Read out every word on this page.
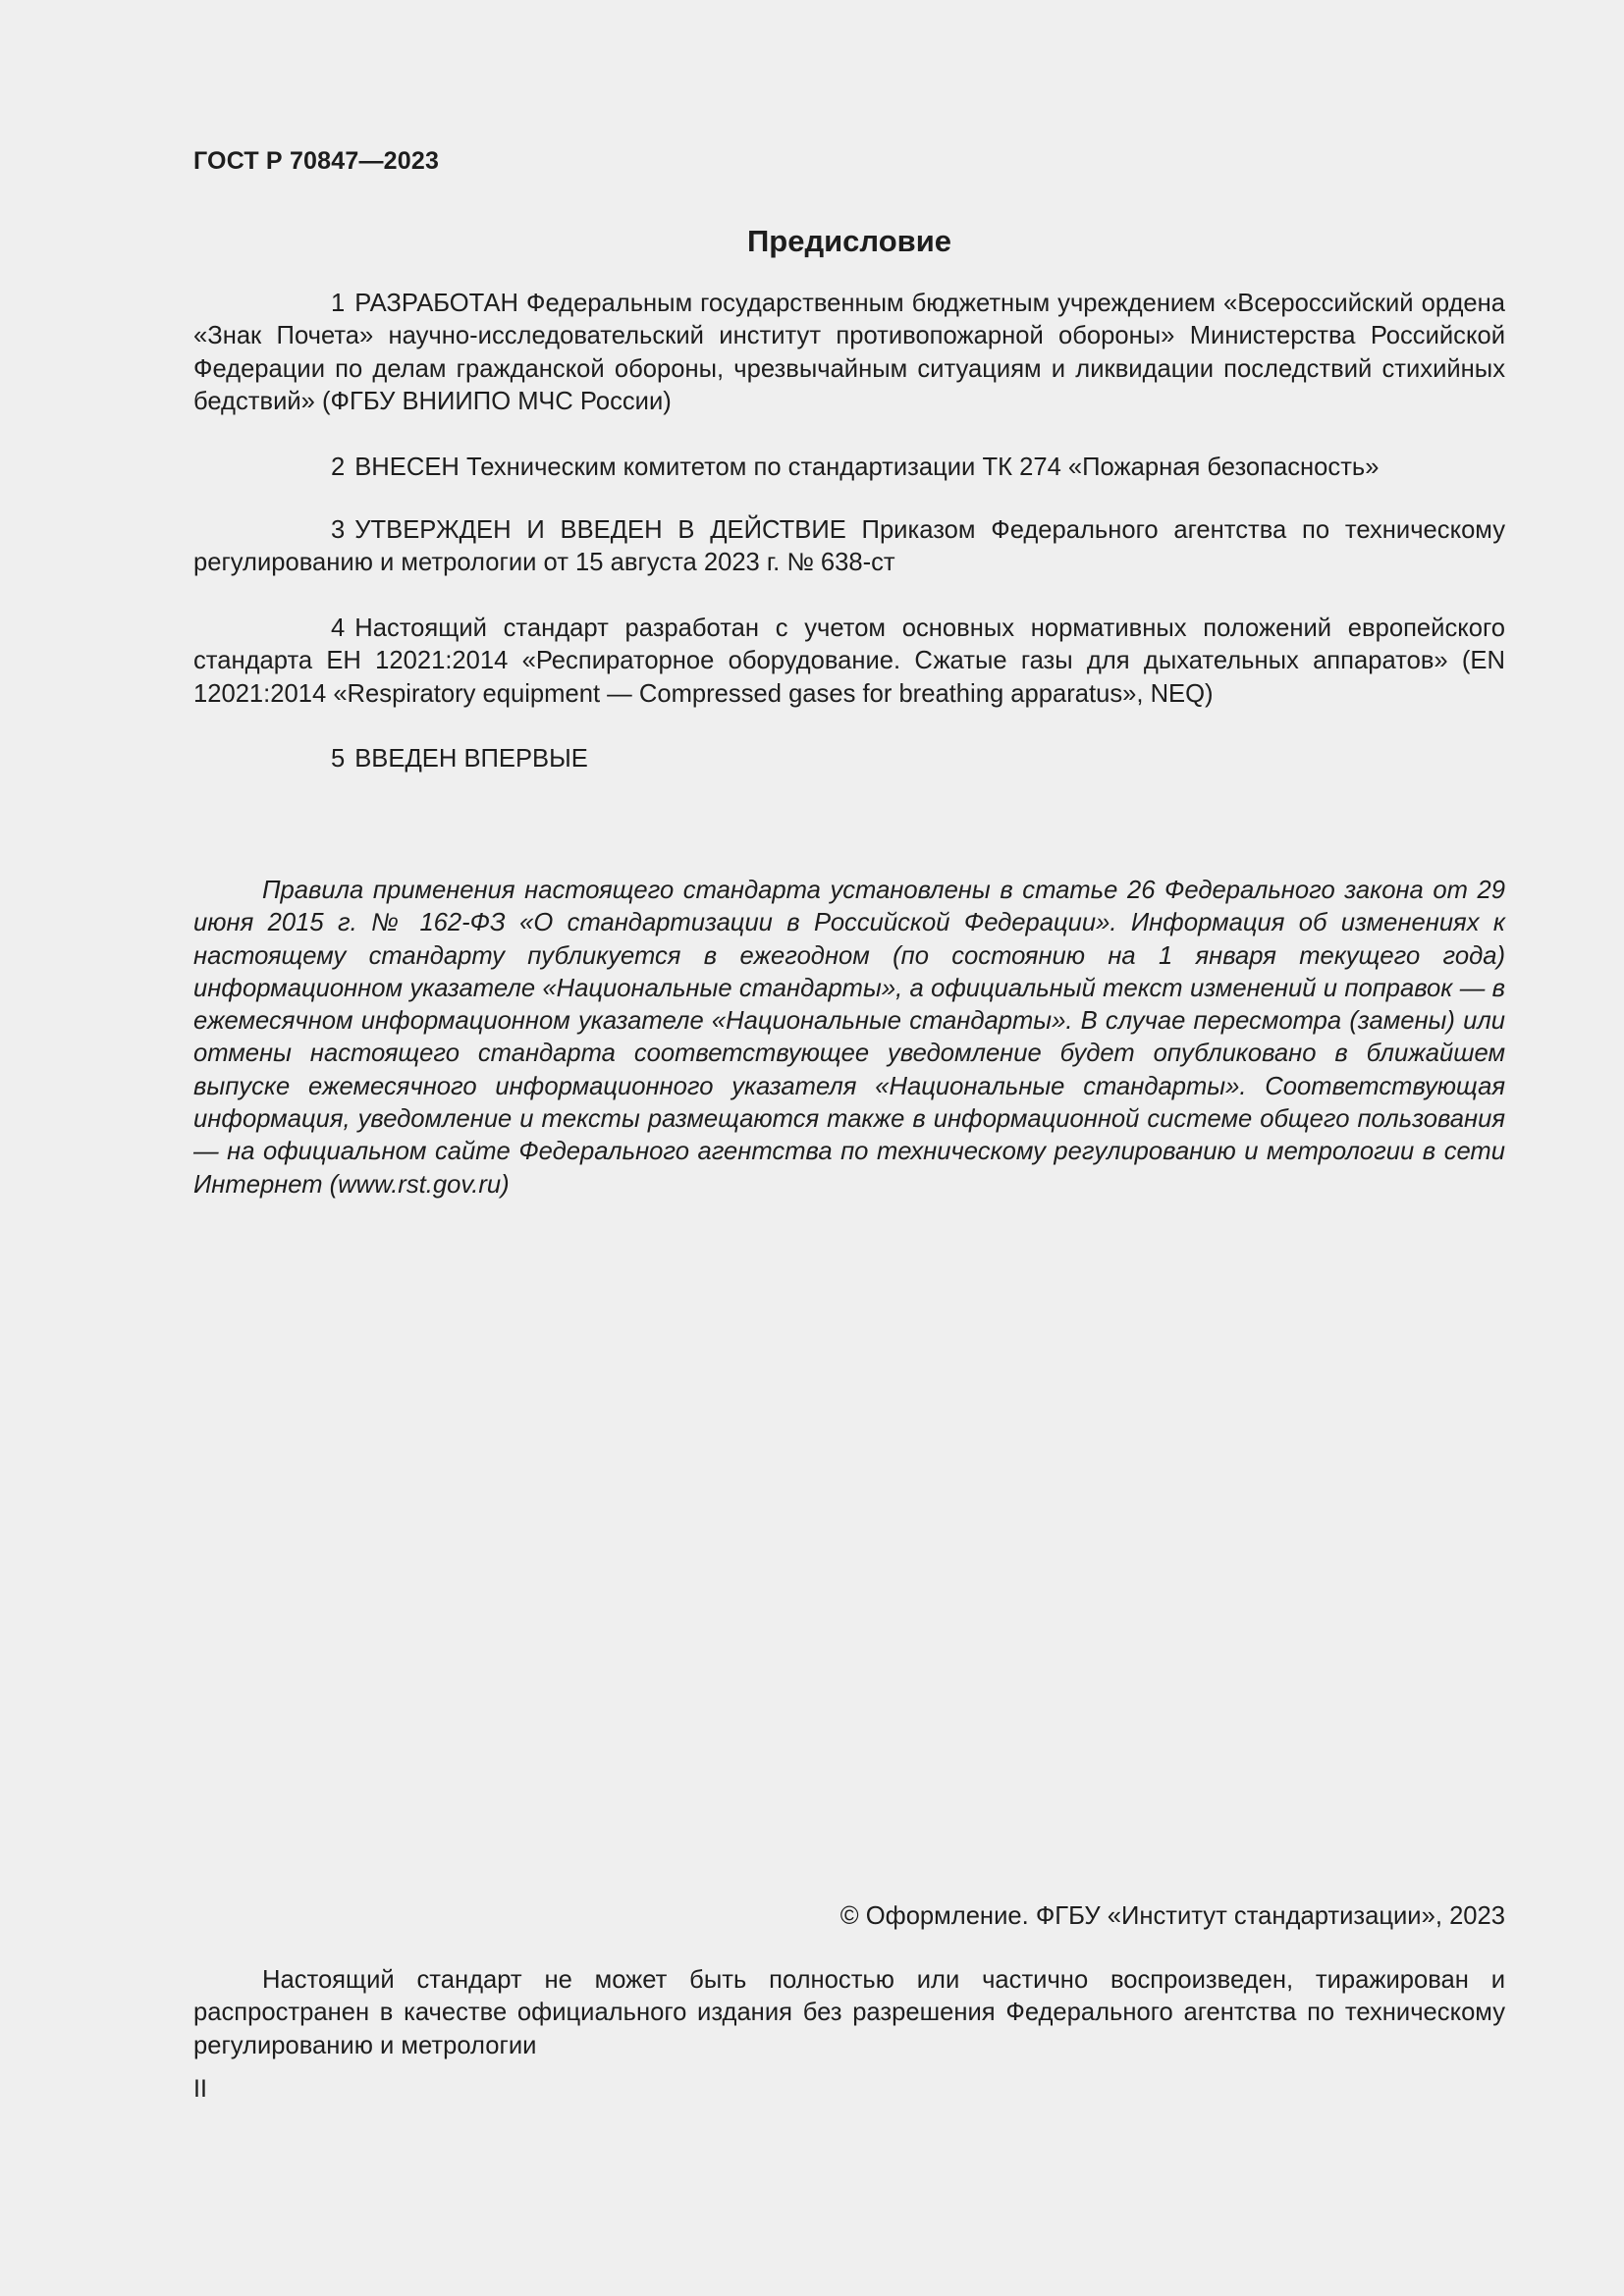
ГОСТ Р 70847—2023
Предисловие
1 РАЗРАБОТАН Федеральным государственным бюджетным учреждением «Всероссийский ордена «Знак Почета» научно-исследовательский институт противопожарной обороны» Министерства Российской Федерации по делам гражданской обороны, чрезвычайным ситуациям и ликвидации последствий стихийных бедствий» (ФГБУ ВНИИПО МЧС России)
2 ВНЕСЕН Техническим комитетом по стандартизации ТК 274 «Пожарная безопасность»
3 УТВЕРЖДЕН И ВВЕДЕН В ДЕЙСТВИЕ Приказом Федерального агентства по техническому регулированию и метрологии от 15 августа 2023 г. № 638-ст
4 Настоящий стандарт разработан с учетом основных нормативных положений европейского стандарта ЕН 12021:2014 «Респираторное оборудование. Сжатые газы для дыхательных аппаратов» (EN 12021:2014 «Respiratory equipment — Compressed gases for breathing apparatus», NEQ)
5 ВВЕДЕН ВПЕРВЫЕ
Правила применения настоящего стандарта установлены в статье 26 Федерального закона от 29 июня 2015 г. № 162-ФЗ «О стандартизации в Российской Федерации». Информация об изменениях к настоящему стандарту публикуется в ежегодном (по состоянию на 1 января текущего года) информационном указателе «Национальные стандарты», а официальный текст изменений и поправок — в ежемесячном информационном указателе «Национальные стандарты». В случае пересмотра (замены) или отмены настоящего стандарта соответствующее уведомление будет опубликовано в ближайшем выпуске ежемесячного информационного указателя «Национальные стандарты». Соответствующая информация, уведомление и тексты размещаются также в информационной системе общего пользования — на официальном сайте Федерального агентства по техническому регулированию и метрологии в сети Интернет (www.rst.gov.ru)
© Оформление. ФГБУ «Институт стандартизации», 2023
Настоящий стандарт не может быть полностью или частично воспроизведен, тиражирован и распространен в качестве официального издания без разрешения Федерального агентства по техническому регулированию и метрологии
II
